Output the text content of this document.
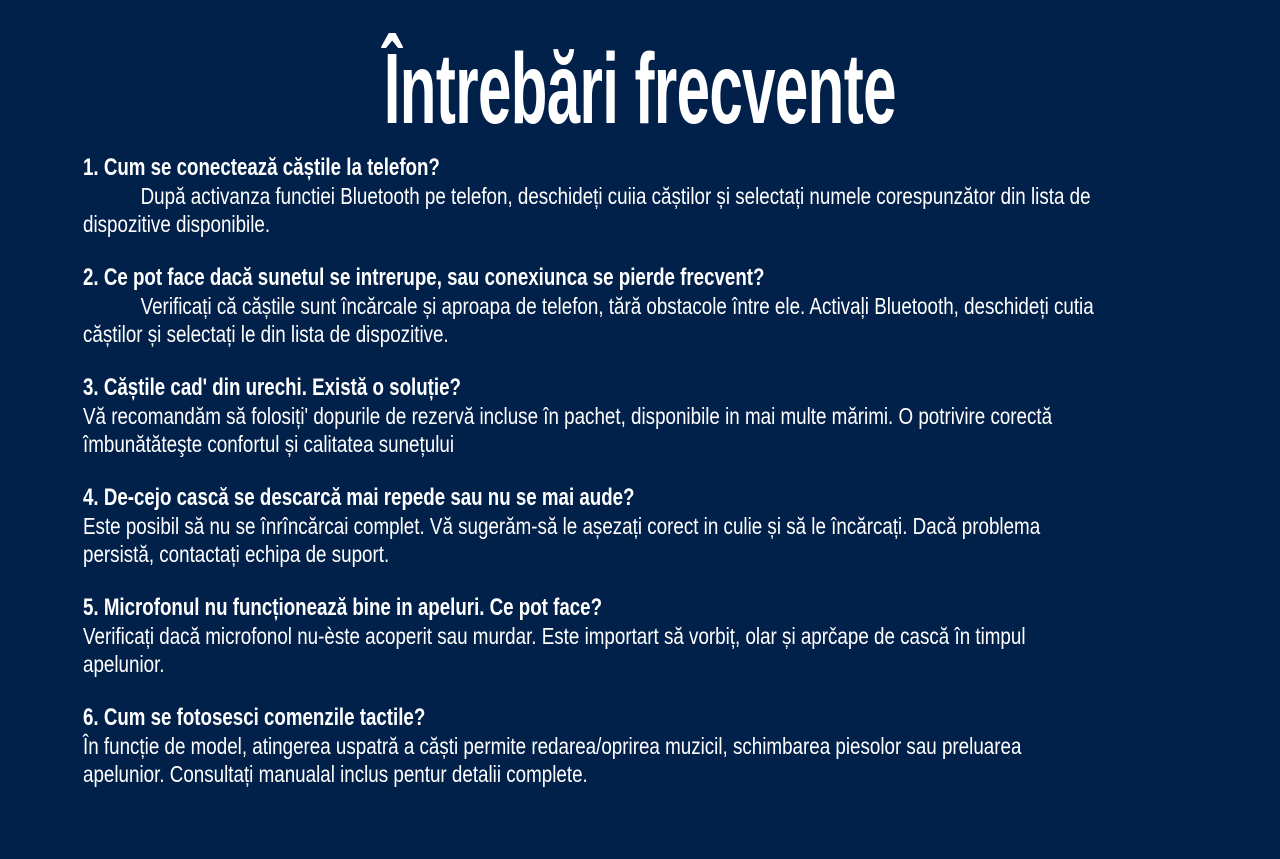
Întrebări frecvente
1. Cum se conectează căștile la telefon?
După activanza functiei Bluetooth pe telefon, deschideți cuiia căștilor și selectați numele corespunzător din lista de
dispozitive disponibile.
2. Ce pot face dacă sunetul se intrerupe, sau conexiunca se pierde frecvent?
Verificați că căștile sunt încărcale și aproapa de telefon, tără obstacole între ele. Activaļi Bluetooth, deschideți cutia
căștilor și selectați le din lista de dispozitive.
3. Căștile cad' din urechi. Există o soluție?
Vă recomandăm să folosiți' dopurile de rezervă incluse în pachet, disponibile in mai multe mărimi. O potrivire corectă
îmbunătăteşte confortul și calitatea sunețului
4. De-cejo cască se descarcă mai repede sau nu se mai aude?
Este posibil să nu se înrîncărcai complet. Vă sugerăm-să le așezați corect in culie și să le încărcați. Dacă problema
persistă, contactați echipa de suport.
5. Microfonul nu funcționează bine in apeluri. Ce pot face?
Verificați dacă microfonol nu-èste acoperit sau murdar. Este importart să vorbiț, olar și aprčape de cască în timpul
apelunior.
6. Cum se fotosesci comenzile tactile?
În funcție de model, atingerea uspatră a căști permite redarea/oprirea muzicil, schimbarea piesolor sau preluarea
apelunior. Consultați manualal inclus pentur detalii complete.
